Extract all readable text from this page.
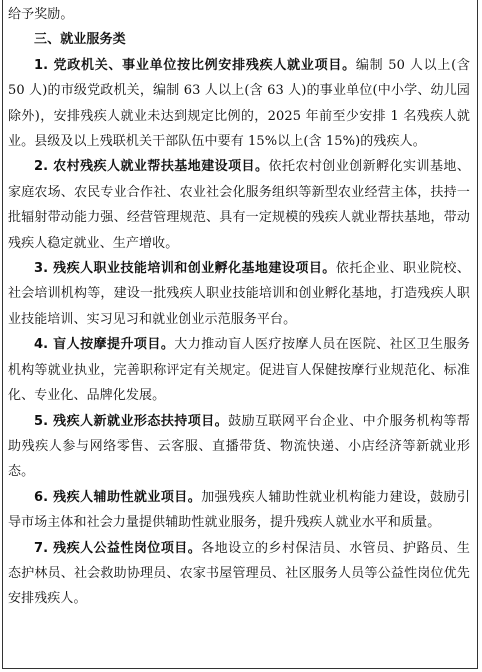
给予奖励。

三、就业服务类

1. 党政机关、事业单位按比例安排残疾人就业项目。编制 50 人以上(含 50 人)的市级党政机关，编制 63 人以上(含 63 人)的事业单位(中小学、幼儿园除外)，安排残疾人就业未达到规定比例的，2025 年前至少安排 1 名残疾人就业。县级及以上残联机关干部队伍中要有 15%以上(含 15%)的残疾人。

2. 农村残疾人就业帮扶基地建设项目。依托农村创业创新孵化实训基地、家庭农场、农民专业合作社、农业社会化服务组织等新型农业经营主体，扶持一批辐射带动能力强、经营管理规范、具有一定规模的残疾人就业帮扶基地，带动残疾人稳定就业、生产增收。

3. 残疾人职业技能培训和创业孵化基地建设项目。依托企业、职业院校、社会培训机构等，建设一批残疾人职业技能培训和创业孵化基地，打造残疾人职业技能培训、实习见习和就业创业示范服务平台。

4. 盲人按摩提升项目。大力推动盲人医疗按摩人员在医院、社区卫生服务机构等就业执业，完善职称评定有关规定。促进盲人保健按摩行业规范化、标准化、专业化、品牌化发展。

5. 残疾人新就业形态扶持项目。鼓励互联网平台企业、中介服务机构等帮助残疾人参与网络零售、云客服、直播带货、物流快递、小店经济等新就业形态。

6. 残疾人辅助性就业项目。加强残疾人辅助性就业机构能力建设，鼓励引导市场主体和社会力量提供辅助性就业服务，提升残疾人就业水平和质量。

7. 残疾人公益性岗位项目。各地设立的乡村保洁员、水管员、护路员、生态护林员、社会救助协理员、农家书屋管理员、社区服务人员等公益性岗位优先安排残疾人。
